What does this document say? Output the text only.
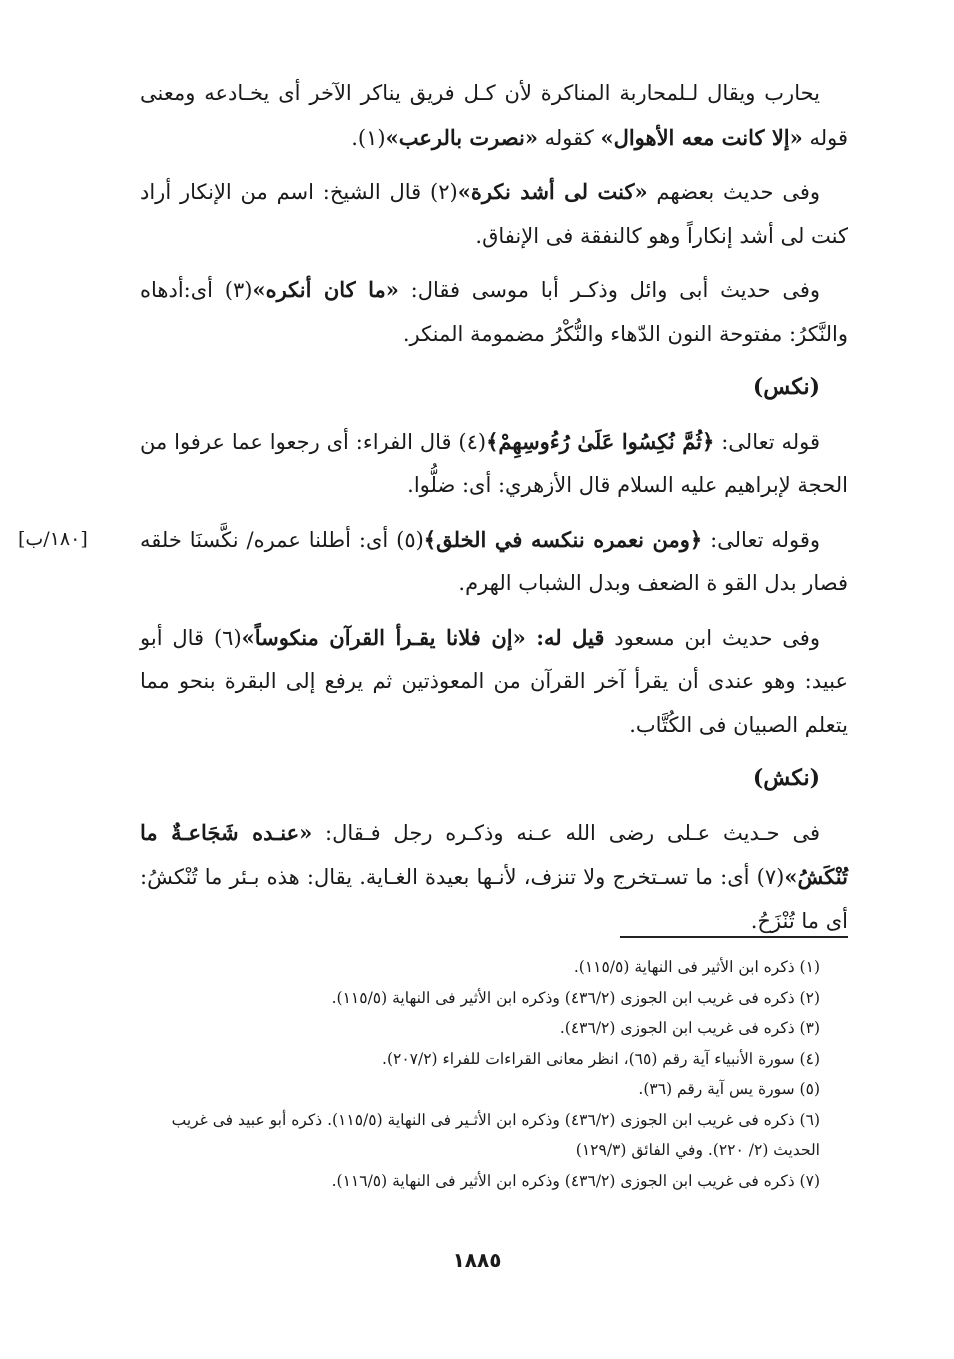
يحارب ويقال لـلمحاربة المناكرة لأن كـل فريق يناكر الآخر أى يخـادعه ومعنى قوله «إلا كانت معه الأهوال» كقوله «نصرت بالرعب»(١).

وفى حديث بعضهم «كنت لى أشد نكرة»(٢) قال الشيخ: اسم من الإنكار أراد كنت لى أشد إنكاراً وهو كالنفقة فى الإنفاق.

وفى حديث أبى وائل وذكـر أبا موسى فقال: «ما كان أنكره»(٣) أى:أدهاه والنَّكرُ: مفتوحة النون الدّهاء والنُّكْرُ مضمومة المنكر.

(نكس)

قوله تعالى: ﴿ثُمَّ نُكِسُوا عَلَىٰ رُءُوسِهِمْ﴾(٤) قال الفراء: أى رجعوا عما عرفوا من الحجة لإبراهيم عليه السلام قال الأزهري: أى: ضلُّوا.

وقوله تعالى: ﴿ومن نعمره ننكسه في الخلق﴾(٥) أى: أطلنا عمره/ نكَّسنَا خلقه فصار بدل القو ة الضعف وبدل الشباب الهرم.

وفى حديث ابن مسعود قيل له: «إن فلانا يقـرأ القرآن منكوساً»(٦) قال أبو عبيد: وهو عندى أن يقرأ آخر القرآن من المعوذتين ثم يرفع إلى البقرة بنحو مما يتعلم الصبيان فى الكُتَّاب.

(نكش)

فى حـديث عـلى رضى الله عـنه وذكـره رجل فـقال: «عنـده شَجَاعـةٌ ما تُنْكَشُ»(٧) أى: ما تسـتخرج ولا تنزف، لأنـها بعيدة الغـاية. يقال: هذه بـئر ما تُنْكشُ: أى ما تُنْزَحُ.

[١٨٠/ب]

(١) ذكره ابن الأثير فى النهاية (١١٥/٥).

(٢) ذكره فى غريب ابن الجوزى (٤٣٦/٢) وذكره ابن الأثير فى النهاية (١١٥/٥).

(٣) ذكره فى غريب ابن الجوزى (٤٣٦/٢).

(٤) سورة الأنبياء آية رقم (٦٥)، انظر معانى القراءات للفراء (٢٠٧/٢).

(٥) سورة يس آية رقم (٣٦).

(٦) ذكره فى غريب ابن الجوزى (٤٣٦/٢) وذكره ابن الأثـير فى النهاية (١١٥/٥). ذكره أبو عبيد فى غريب الحديث (٢/ ٢٢٠). وفي الفائق (١٢٩/٣)

(٧) ذكره فى غريب ابن الجوزى (٤٣٦/٢) وذكره ابن الأثير فى النهاية (١١٦/٥).

١٨٨٥
